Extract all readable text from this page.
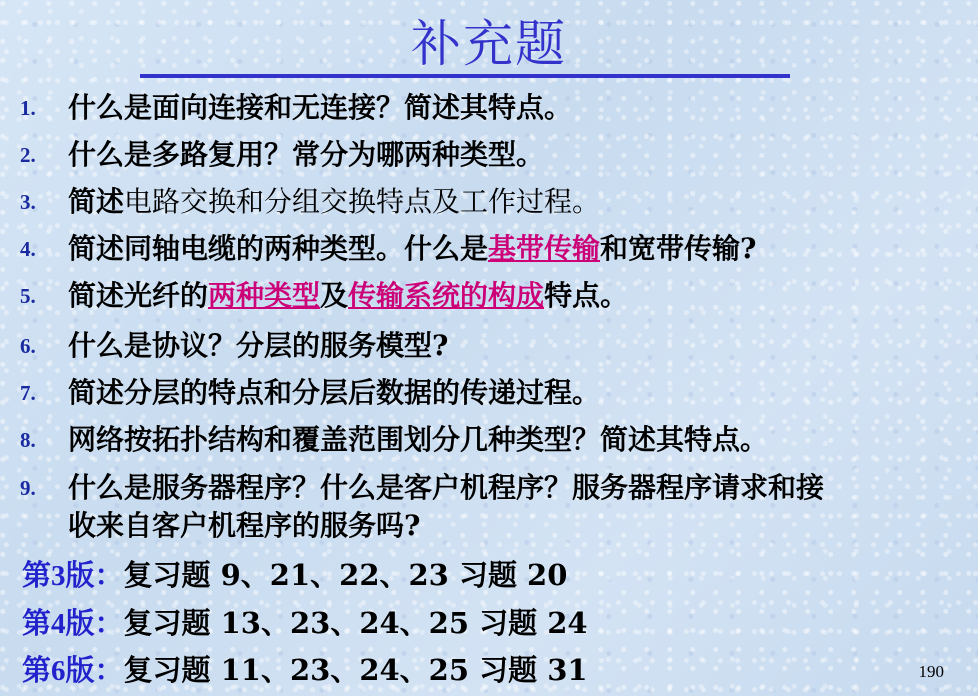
补充题
1.	什么是面向连接和无连接？简述其特点。
2.	什么是多路复用？常分为哪两种类型。
3.	简述电路交换和分组交换特点及工作过程。
4.	简述同轴电缆的两种类型。什么是基带传输和宽带传输?
5.	简述光纤的两种类型及传输系统的构成特点。
6.	什么是协议？分层的服务模型?
7.	简述分层的特点和分层后数据的传递过程。
8.	网络按拓扑结构和覆盖范围划分几种类型？简述其特点。
9.	什么是服务器程序？什么是客户机程序？服务器程序请求和接
收来自客户机程序的服务吗?
第3版：复习题 9、21、22、23 习题 20
第4版：复习题 13、23、24、25 习题 24
第6版：复习题 11、23、24、25 习题 31	190
